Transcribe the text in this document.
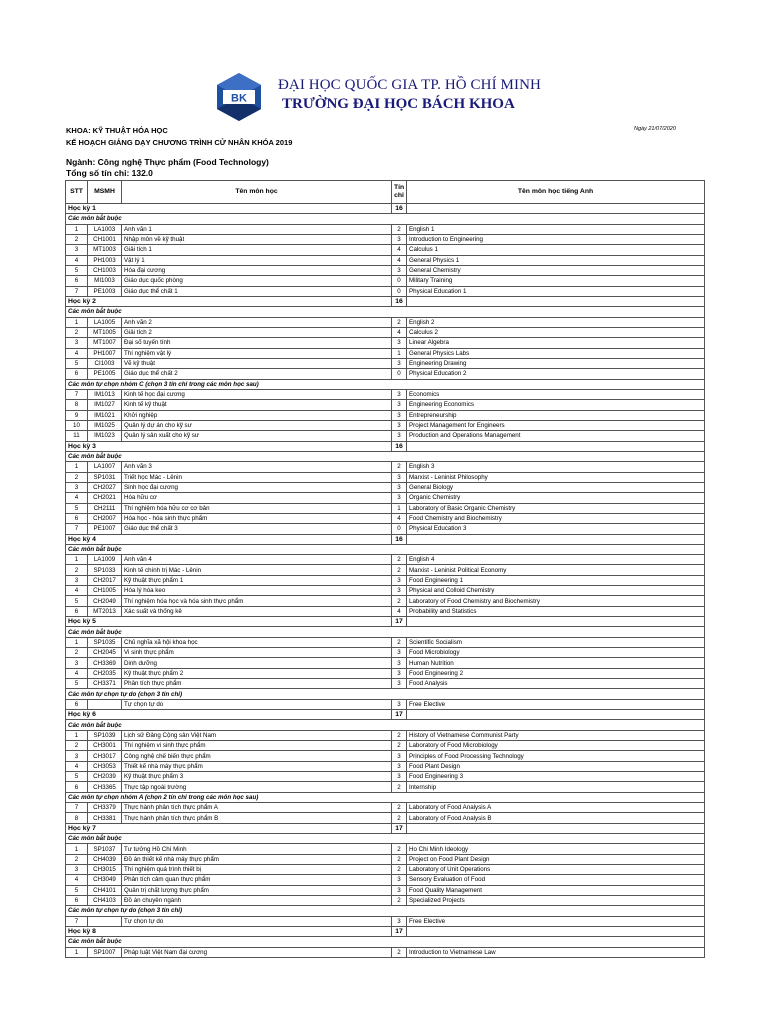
BK
ĐẠI HỌC QUỐC GIA TP. HỒ CHÍ MINH
TRƯỜNG ĐẠI HỌC BÁCH KHOA
KHOA: KỸ THUẬT HÓA HỌC
KẾ HOẠCH GIẢNG DẠY CHƯƠNG TRÌNH CỬ NHÂN KHÓA 2019
Ngày 21/07/2020
Ngành: Công nghệ Thực phẩm (Food Technology)
Tổng số tín chỉ: 132.0
STT	MSMH	Tên môn học	Tín chỉ	Tên môn học tiếng Anh
Học kỳ 1			16	
Các môn bắt buộc				
1	LA1003	Anh văn 1	2	English 1
2	CH1001	Nhập môn về kỹ thuật	3	Introduction to Engineering
3	MT1003	Giải tích 1	4	Calculus 1
4	PH1003	Vật lý 1	4	General Physics 1
5	CH1003	Hóa đại cương	3	General Chemistry
6	MI1003	Giáo dục quốc phòng	0	Military Training
7	PE1003	Giáo dục thể chất 1	0	Physical Education 1
Học kỳ 2			16	
Các môn bắt buộc				
1	LA1005	Anh văn 2	2	English 2
2	MT1005	Giải tích 2	4	Calculus 2
3	MT1007	Đại số tuyến tính	3	Linear Algebra
4	PH1007	Thí nghiệm vật lý	1	General Physics Labs
5	CI1003	Vẽ kỹ thuật	3	Engineering Drawing
6	PE1005	Giáo dục thể chất 2	0	Physical Education 2
Các môn tự chọn nhóm C (chọn 3 tín chỉ trong các môn học sau)				
7	IM1013	Kinh tế học đại cương	3	Economics
8	IM1027	Kinh tế kỹ thuật	3	Engineering Economics
9	IM1021	Khởi nghiệp	3	Entrepreneurship
10	IM1025	Quản lý dự án cho kỹ sư	3	Project Management for Engineers
11	IM1023	Quản lý sản xuất cho kỹ sư	3	Production and Operations Management
Học kỳ 3			16	
Các môn bắt buộc				
1	LA1007	Anh văn 3	2	English 3
2	SP1031	Triết học Mác - Lênin	3	Marxist - Leninist Philosophy
3	CH2027	Sinh học đại cương	3	General Biology
4	CH2021	Hóa hữu cơ	3	Organic Chemistry
5	CH2111	Thí nghiệm hóa hữu cơ cơ bản	1	Laboratory of Basic Organic Chemistry
6	CH2007	Hóa học - hóa sinh thực phẩm	4	Food Chemistry and Biochemistry
7	PE1007	Giáo dục thể chất 3	0	Physical Education 3
Học kỳ 4			16	
Các môn bắt buộc				
1	LA1009	Anh văn 4	2	English 4
2	SP1033	Kinh tế chính trị Mác - Lênin	2	Marxist - Leninist Political Economy
3	CH2017	Kỹ thuật thực phẩm 1	3	Food Engineering 1
4	CH1005	Hóa lý hóa keo	3	Physical and Colloid Chemistry
5	CH2049	Thí nghiệm hóa học và hóa sinh thực phẩm	2	Laboratory of Food Chemistry and Biochemistry
6	MT2013	Xác suất và thống kê	4	Probability and Statistics
Học kỳ 5			17	
Các môn bắt buộc				
1	SP1035	Chủ nghĩa xã hội khoa học	2	Scientific Socialism
2	CH2045	Vi sinh thực phẩm	3	Food Microbiology
3	CH3369	Dinh dưỡng	3	Human Nutrition
4	CH2035	Kỹ thuật thực phẩm 2	3	Food Engineering 2
5	CH3371	Phân tích thực phẩm	3	Food Analysis
Các môn tự chọn tự do (chọn 3 tín chỉ)				
6		Tự chọn tự do	3	Free Elective
Học kỳ 6			17	
Các môn bắt buộc				
1	SP1039	Lịch sử Đảng Cộng sản Việt Nam	2	History of Vietnamese Communist Party
2	CH3001	Thí nghiệm vi sinh thực phẩm	2	Laboratory of Food Microbiology
3	CH3017	Công nghệ chế biến thực phẩm	3	Principles of Food Processing Technology
4	CH3053	Thiết kế nhà máy thực phẩm	3	Food Plant Design
5	CH2039	Kỹ thuật thực phẩm 3	3	Food Engineering 3
6	CH3365	Thực tập ngoài trường	2	Internship
Các môn tự chọn nhóm A (chọn 2 tín chỉ trong các môn học sau)				
7	CH3379	Thực hành phân tích thực phẩm A	2	Laboratory of Food Analysis A
8	CH3381	Thực hành phân tích thực phẩm B	2	Laboratory of Food Analysis B
Học kỳ 7			17	
Các môn bắt buộc				
1	SP1037	Tư tưởng Hồ Chí Minh	2	Ho Chi Minh Ideology
2	CH4039	Đồ án thiết kế nhà máy thực phẩm	2	Project on Food Plant Design
3	CH3015	Thí nghiệm quá trình thiết bị	2	Laboratory of Unit Operations
4	CH3049	Phân tích cảm quan thực phẩm	3	Sensory Evaluation of Food
5	CH4101	Quản trị chất lượng thực phẩm	3	Food Quality Management
6	CH4103	Đồ án chuyên ngành	2	Specialized Projects
Các môn tự chọn tự do (chọn 3 tín chỉ)				
7		Tự chọn tự do	3	Free Elective
Học kỳ 8			17	
Các môn bắt buộc				
1	SP1007	Pháp luật Việt Nam đại cương	2	Introduction to Vietnamese Law
